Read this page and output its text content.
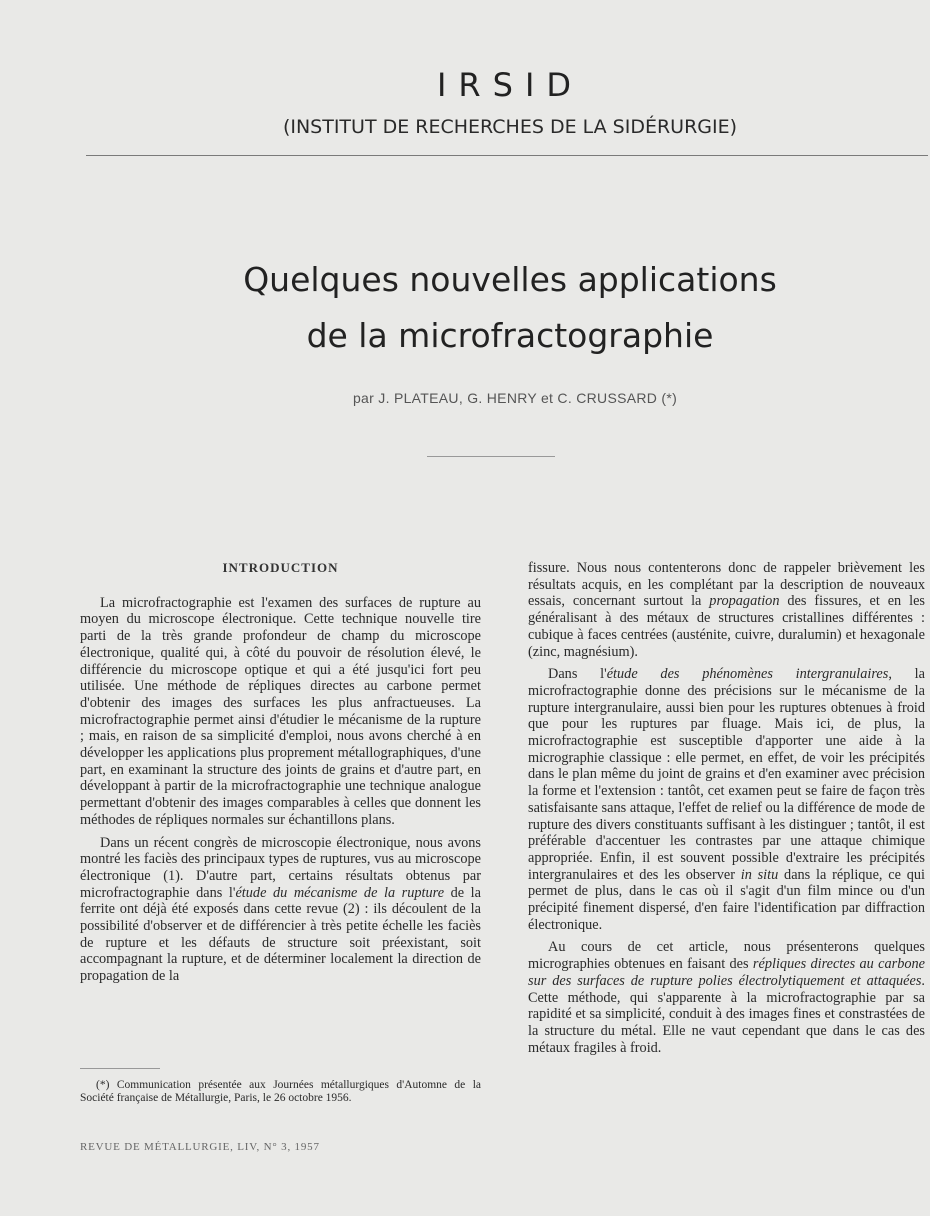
IRSID
(INSTITUT DE RECHERCHES DE LA SIDÉRURGIE)
Quelques nouvelles applications
de la microfractographie
par J. PLATEAU, G. HENRY et C. CRUSSARD (*)
INTRODUCTION

La microfractographie est l'examen des surfaces de rupture au moyen du microscope électronique. Cette technique nouvelle tire parti de la très grande profondeur de champ du microscope électronique, qualité qui, à côté du pouvoir de résolution élevé, le différencie du microscope optique et qui a été jusqu'ici fort peu utilisée. Une méthode de répliques directes au carbone permet d'obtenir des images des surfaces les plus anfractueuses. La microfractographie permet ainsi d'étudier le mécanisme de la rupture ; mais, en raison de sa simplicité d'emploi, nous avons cherché à en développer les applications plus proprement métallographiques, d'une part, en examinant la structure des joints de grains et d'autre part, en développant à partir de la microfractographie une technique analogue permettant d'obtenir des images comparables à celles que donnent les méthodes de répliques normales sur échantillons plans.

Dans un récent congrès de microscopie électronique, nous avons montré les faciès des principaux types de ruptures, vus au microscope électronique (1). D'autre part, certains résultats obtenus par microfractographie dans l'étude du mécanisme de la rupture de la ferrite ont déjà été exposés dans cette revue (2) : ils découlent de la possibilité d'observer et de différencier à très petite échelle les faciès de rupture et les défauts de structure soit préexistant, soit accompagnant la rupture, et de déterminer localement la direction de propagation de la

fissure. Nous nous contenterons donc de rappeler brièvement les résultats acquis, en les complétant par la description de nouveaux essais, concernant surtout la propagation des fissures, et en les généralisant à des métaux de structures cristallines différentes : cubique à faces centrées (austénite, cuivre, duralumin) et hexagonale (zinc, magnésium).

Dans l'étude des phénomènes intergranulaires, la microfractographie donne des précisions sur le mécanisme de la rupture intergranulaire, aussi bien pour les ruptures obtenues à froid que pour les ruptures par fluage. Mais ici, de plus, la microfractographie est susceptible d'apporter une aide à la micrographie classique : elle permet, en effet, de voir les précipités dans le plan même du joint de grains et d'en examiner avec précision la forme et l'extension : tantôt, cet examen peut se faire de façon très satisfaisante sans attaque, l'effet de relief ou la différence de mode de rupture des divers constituants suffisant à les distinguer ; tantôt, il est préférable d'accentuer les contrastes par une attaque chimique appropriée. Enfin, il est souvent possible d'extraire les précipités intergranulaires et des les observer in situ dans la réplique, ce qui permet de plus, dans le cas où il s'agit d'un film mince ou d'un précipité finement dispersé, d'en faire l'identification par diffraction électronique.

Au cours de cet article, nous présenterons quelques micrographies obtenues en faisant des répliques directes au carbone sur des surfaces de rupture polies électrolytiquement et attaquées. Cette méthode, qui s'apparente à la microfractographie par sa rapidité et sa simplicité, conduit à des images fines et constrastées de la structure du métal. Elle ne vaut cependant que dans le cas des métaux fragiles à froid.

(*) Communication présentée aux Journées métallurgiques d'Automne de la Société française de Métallurgie, Paris, le 26 octobre 1956.

REVUE DE MÉTALLURGIE, LIV, N° 3, 1957
